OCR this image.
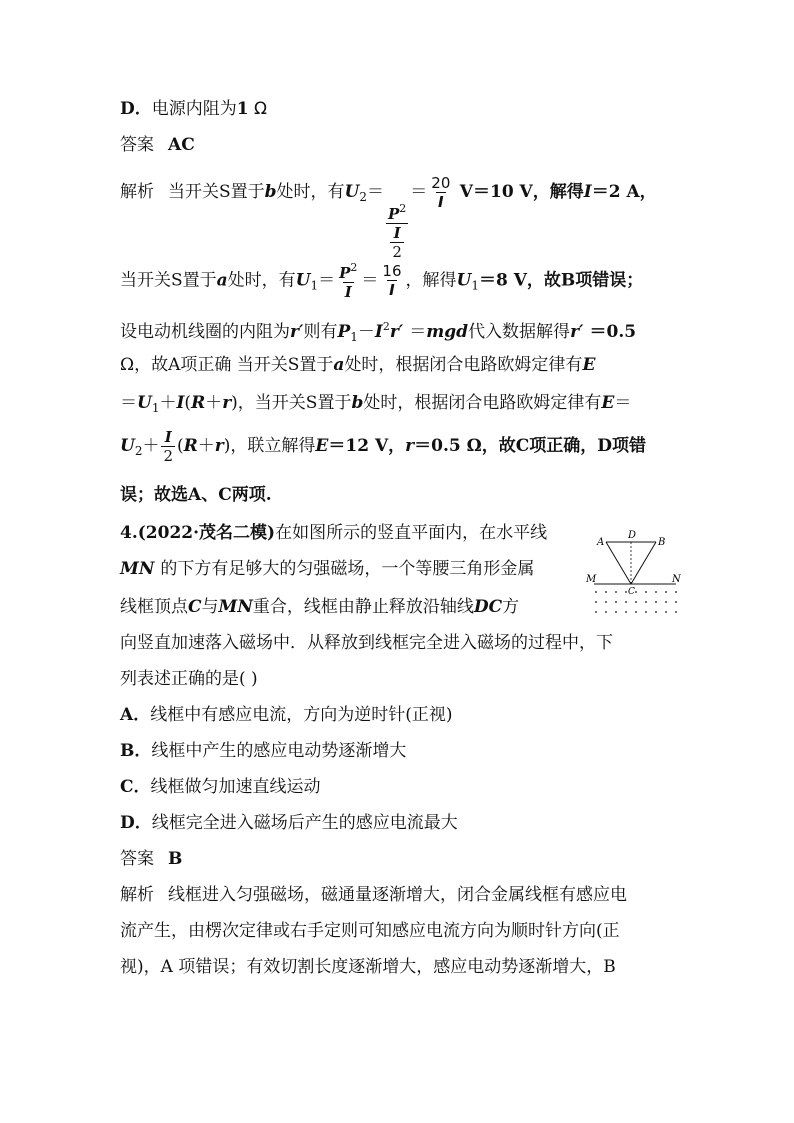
D．电源内阻为1 Ω
答案 AC
解析 当开关S置于b处时，有$U_2=$
$\frac{P^2}{\frac{I}{2}}$
＝ $\frac{20}{I} V=10$ V，解得I＝2 A，
当开关S置于a处时，有$U_1= \frac{P^2}{I} = \frac{16}{I}$ ，解得$U_1=8$ V，故B项错误；
设电动机线圈的内阻为r′则有$P_1-I^2r' =mgd$代入数据解得r′ ＝0.5
Ω，故A项正确 当开关S置于a处时，根据闭合电路欧姆定律有E
$=U_1+I(R+r)$，当开关S置于b处时，根据闭合电路欧姆定律有E＝
$U_2+ \frac{I}{2} (R+r)$，联立解得E＝12 V，r＝0.5 Ω，故C项正确，D项错
误；故选A、C两项.
4.(2022·茂名二模)在如图所示的竖直平面内，在水平线
MN 的下方有足够大的匀强磁场，一个等腰三角形金属
线框顶点C与MN重合，线框由静止释放沿轴线DC方
向竖直加速落入磁场中．从释放到线框完全进入磁场的过程中，下
列表述正确的是( )
A．线框中有感应电流，方向为逆时针(正视)
B．线框中产生的感应电动势逐渐增大
C．线框做匀加速直线运动
D．线框完全进入磁场后产生的感应电流最大
答案 B
解析 线框进入匀强磁场，磁通量逐渐增大，闭合金属线框有感应电
流产生，由楞次定律或右手定则可知感应电流方向为顺时针方向(正
视)，A 项错误；有效切割长度逐渐增大，感应电动势逐渐增大，B
A
D
B
M	N
C
